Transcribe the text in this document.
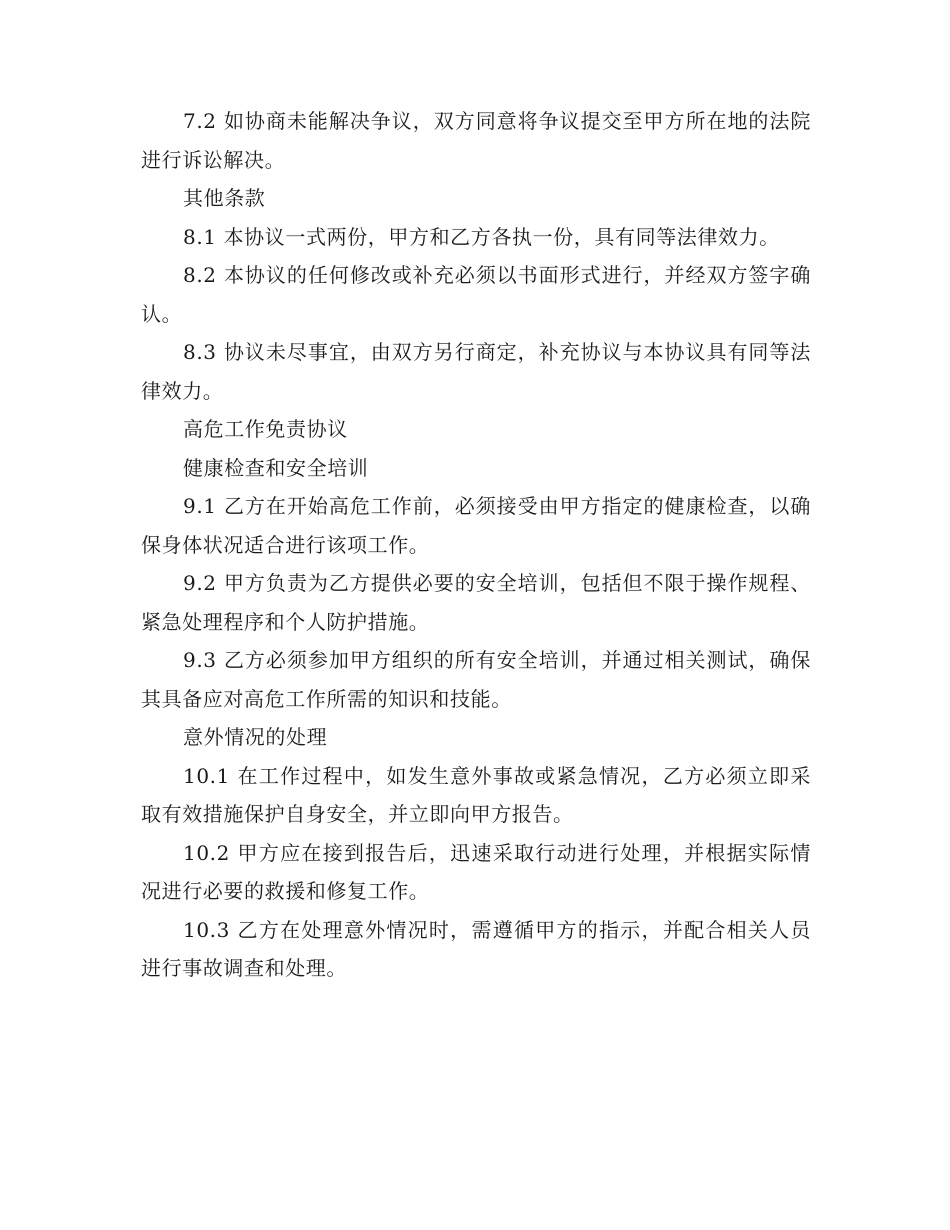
7.2 如协商未能解决争议，双方同意将争议提交至甲方所在地的法院进行诉讼解决。

其他条款

8.1 本协议一式两份，甲方和乙方各执一份，具有同等法律效力。

8.2 本协议的任何修改或补充必须以书面形式进行，并经双方签字确认。

8.3 协议未尽事宜，由双方另行商定，补充协议与本协议具有同等法律效力。

高危工作免责协议

健康检查和安全培训

9.1 乙方在开始高危工作前，必须接受由甲方指定的健康检查，以确保身体状况适合进行该项工作。

9.2 甲方负责为乙方提供必要的安全培训，包括但不限于操作规程、紧急处理程序和个人防护措施。

9.3 乙方必须参加甲方组织的所有安全培训，并通过相关测试，确保其具备应对高危工作所需的知识和技能。

意外情况的处理

10.1 在工作过程中，如发生意外事故或紧急情况，乙方必须立即采取有效措施保护自身安全，并立即向甲方报告。

10.2 甲方应在接到报告后，迅速采取行动进行处理，并根据实际情况进行必要的救援和修复工作。

10.3 乙方在处理意外情况时，需遵循甲方的指示，并配合相关人员进行事故调查和处理。
